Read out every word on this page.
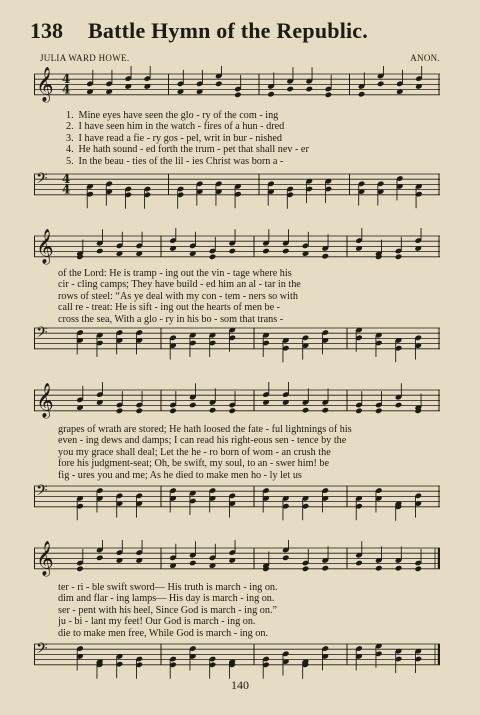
138 Battle Hymn of the Republic.
JULIA WARD HOWE.	ANON.
𝄞 4
4
1. Mine eyes have seen the glo - ry of the com - ing
2. I have seen him in the watch - fires of a hun - dred
3. I have read a fie - ry gos - pel, writ in bur - nished
4. He hath sound - ed forth the trum - pet that shall nev - er
5. In the beau - ties of the lil - ies Christ was born a -
𝄢 4
4
𝄞
of the Lord: He is tramp - ing out the vin - tage where his
cir - cling camps; They have build - ed him an al - tar in the
rows of steel: “As ye deal with my con - tem - ners so with
call re - treat: He is sift - ing out the hearts of men be -
cross the sea, With a glo - ry in his bo - som that trans -
𝄢
𝄞
grapes of wrath are stored; He hath loosed the fate - ful lightnings of his
even - ing dews and damps; I can read his right-eous sen - tence by the
you my grace shall deal; Let the he - ro born of wom - an crush the
fore his judgment-seat; Oh, be swift, my soul, to an - swer him! be
fig - ures you and me; As he died to make men ho - ly let us
𝄢
𝄞
ter - ri - ble swift sword— His truth is march - ing on.
dim and flar - ing lamps— His day is march - ing on.
ser - pent with his heel, Since God is march - ing on.”
ju - bi - lant my feet! Our God is march - ing on.
die to make men free, While God is march - ing on.
𝄢
140
